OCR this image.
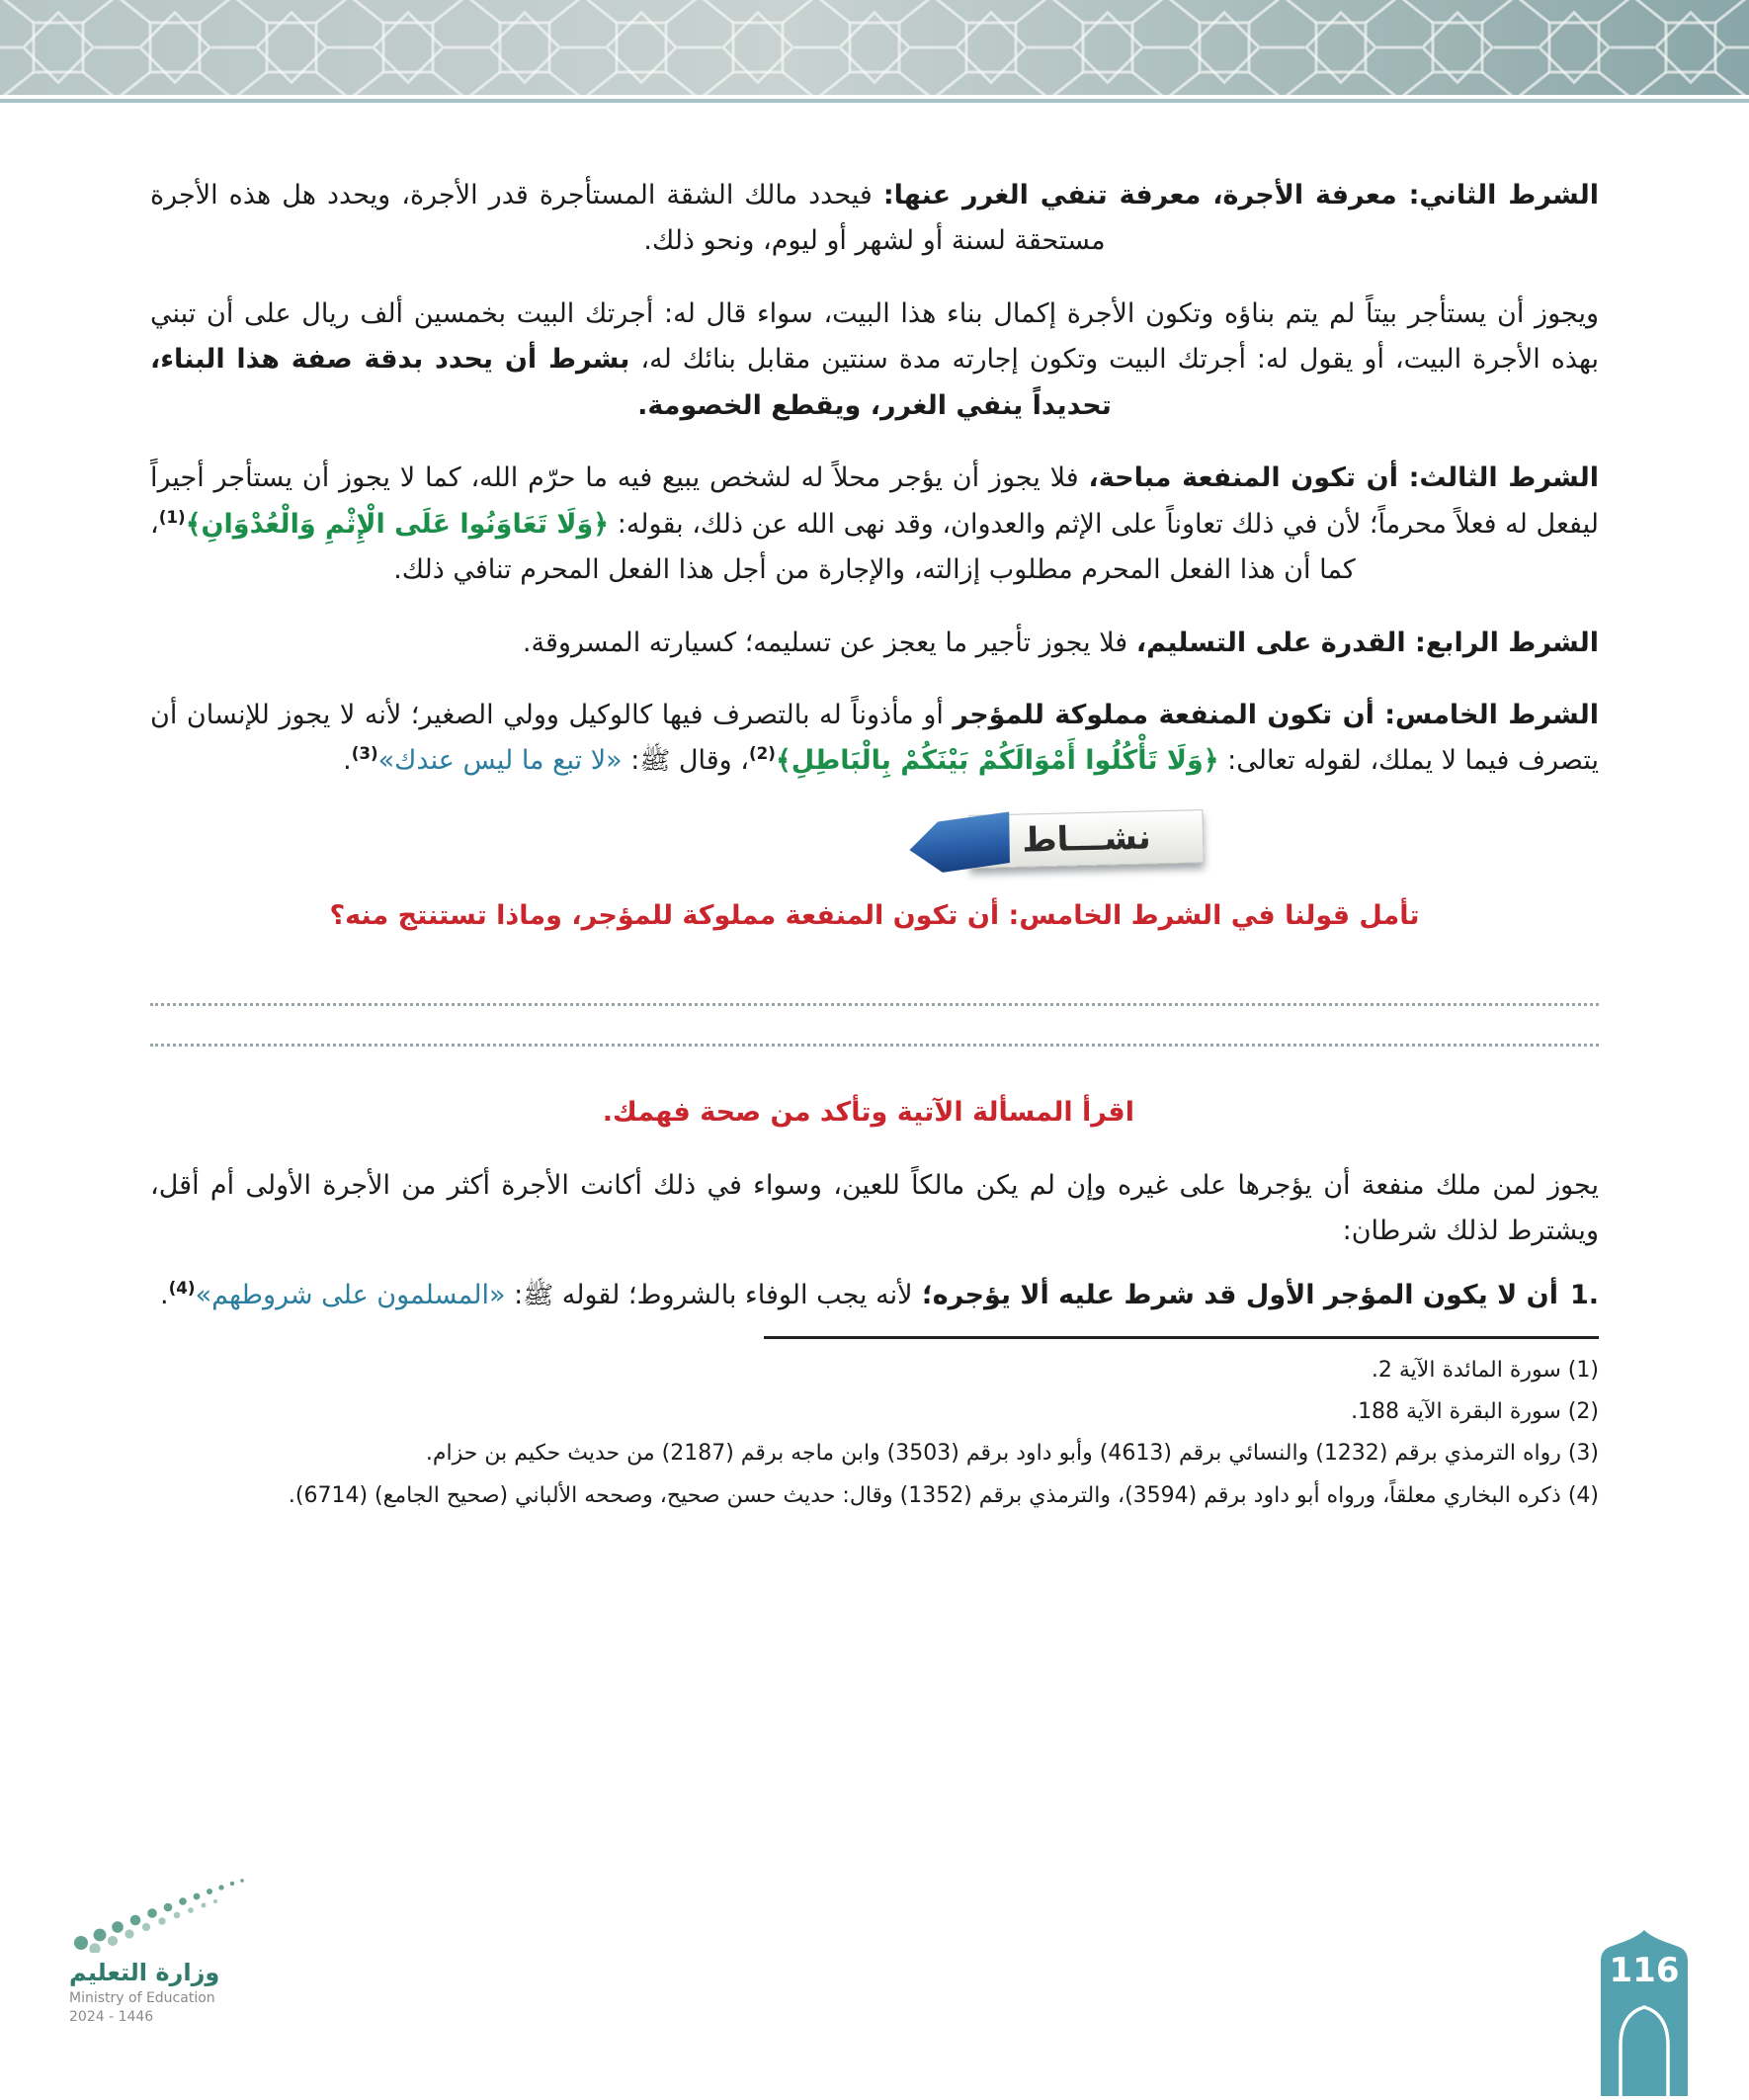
الشرط الثاني: معرفة الأجرة، معرفة تنفي الغرر عنها: فيحدد مالك الشقة المستأجرة قدر الأجرة، ويحدد هل هذه الأجرة مستحقة لسنة أو لشهر أو ليوم، ونحو ذلك.

ويجوز أن يستأجر بيتاً لم يتم بناؤه وتكون الأجرة إكمال بناء هذا البيت، سواء قال له: أجرتك البيت بخمسين ألف ريال على أن تبني بهذه الأجرة البيت، أو يقول له: أجرتك البيت وتكون إجارته مدة سنتين مقابل بنائك له، بشرط أن يحدد بدقة صفة هذا البناء، تحديداً ينفي الغرر، ويقطع الخصومة.

الشرط الثالث: أن تكون المنفعة مباحة، فلا يجوز أن يؤجر محلاً له لشخص يبيع فيه ما حرّم الله، كما لا يجوز أن يستأجر أجيراً ليفعل له فعلاً محرماً؛ لأن في ذلك تعاوناً على الإثم والعدوان، وقد نهى الله عن ذلك، بقوله: ﴿وَلَا تَعَاوَنُوا عَلَى الْإِثْمِ وَالْعُدْوَانِ﴾$^{(1)}$، كما أن هذا الفعل المحرم مطلوب إزالته، والإجارة من أجل هذا الفعل المحرم تنافي ذلك.

الشرط الرابع: القدرة على التسليم، فلا يجوز تأجير ما يعجز عن تسليمه؛ كسيارته المسروقة.

الشرط الخامس: أن تكون المنفعة مملوكة للمؤجر أو مأذوناً له بالتصرف فيها كالوكيل وولي الصغير؛ لأنه لا يجوز للإنسان أن يتصرف فيما لا يملك، لقوله تعالى: ﴿وَلَا تَأْكُلُوا أَمْوَالَكُمْ بَيْنَكُمْ بِالْبَاطِلِ﴾$^{(2)}$، وقال ﷺ: «لا تبع ما ليس عندك»$^{(3)}$.

نشـــاط

تأمل قولنا في الشرط الخامس: أن تكون المنفعة مملوكة للمؤجر، وماذا تستنتج منه؟

اقرأ المسألة الآتية وتأكد من صحة فهمك.

يجوز لمن ملك منفعة أن يؤجرها على غيره وإن لم يكن مالكاً للعين، وسواء في ذلك أكانت الأجرة أكثر من الأجرة الأولى أم أقل، ويشترط لذلك شرطان:

1.أن لا يكون المؤجر الأول قد شرط عليه ألا يؤجره؛ لأنه يجب الوفاء بالشروط؛ لقوله ﷺ: «المسلمون على شروطهم»$^{(4)}$.

(1) سورة المائدة الآية 2.

(2) سورة البقرة الآية 188.

(3) رواه الترمذي برقم (1232) والنسائي برقم (4613) وأبو داود برقم (3503) وابن ماجه برقم (2187) من حديث حكيم بن حزام.

(4) ذكره البخاري معلقاً، ورواه أبو داود برقم (3594)، والترمذي برقم (1352) وقال: حديث حسن صحيح، وصححه الألباني (صحيح الجامع) (6714).

وزارة التعليم
Ministry of Education
2024 - 1446
116
